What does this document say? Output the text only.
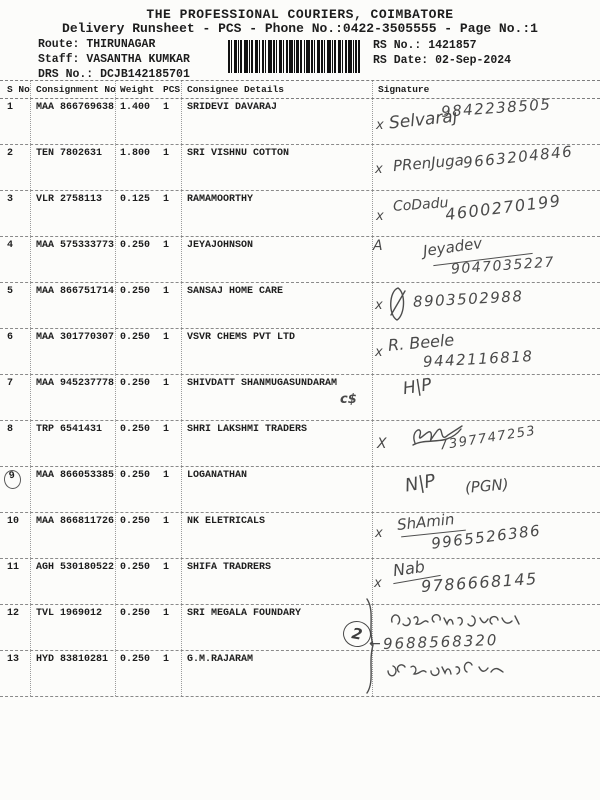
THE PROFESSIONAL COURIERS, COIMBATORE
Delivery Runsheet - PCS - Phone No.:0422-3505555 - Page No.:1
Route: THIRUNAGAR
Staff: VASANTHA KUMKAR
DRS No.: DCJB142185701
RS No.: 1421857
RS Date: 02-Sep-2024
S No Consignment No Weight PCS Consignee Details	Signature
1	MAA 866769638 1.400	1	SRIDEVI DAVARAJ	9842238505
x Selvaraj
2	TEN 7802631	1.800	1	SRI VISHNU COTTON
x PRenJuga
9663204846
3	VLR 2758113	0.125	1	RAMAMOORTHY
x
CoDadu
4600270199
4	MAA 575333773 0.250	1	JEYAJOHNSON	A	Jeyadev
9047035227
5	MAA 866751714 0.250	1	SANSAJ HOME CARE
x 8903502988
6	MAA 301770307 0.250	1	VSVR CHEMS PVT LTD
x R. Beele
9442116818
7	MAA 945237778 0.250	1	SHIVDATT SHANMUGASUNDARAM
c$
H|P
8	TRP 6541431	0.250	1	SHRI LAKSHMI TRADERS
X	7397747253
9	MAA 866053385 0.250	1	LOGANATHAN	N|P (PGN)
10	MAA 866811726 0.250	1	NK ELETRICALS
x ShAmin
9965526386
11	AGH 530180522 0.250	1	SHIFA TRADRERS
x
Nab
9786668145
12	TVL 1969012	0.250	1	SRI MEGALA FOUNDARY
2
← 9688568320
13	HYD 83810281	0.250	1	G.M.RAJARAM
